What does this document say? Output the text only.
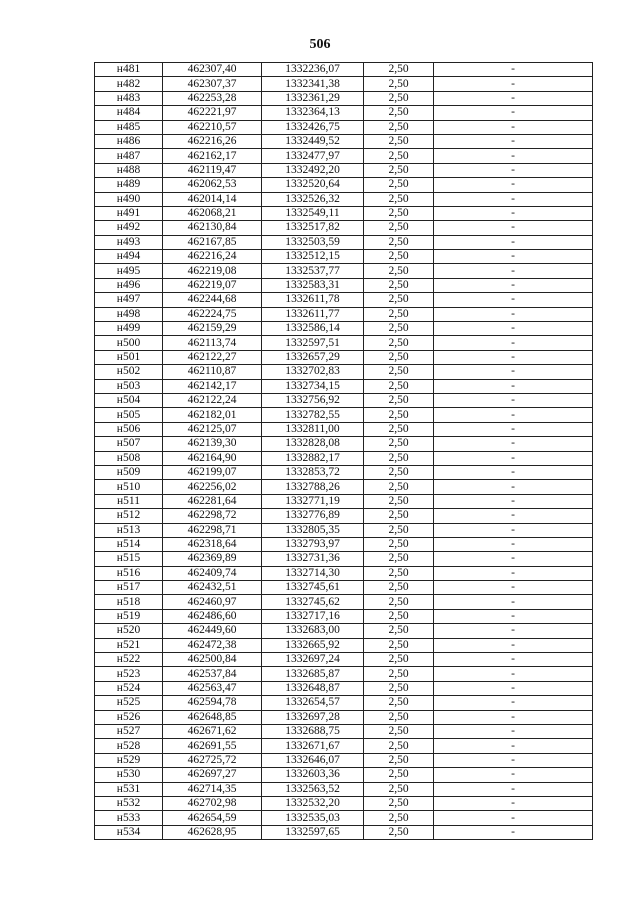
506
н481	462307,40	1332236,07	2,50	-
н482	462307,37	1332341,38	2,50	-
н483	462253,28	1332361,29	2,50	-
н484	462221,97	1332364,13	2,50	-
н485	462210,57	1332426,75	2,50	-
н486	462216,26	1332449,52	2,50	-
н487	462162,17	1332477,97	2,50	-
н488	462119,47	1332492,20	2,50	-
н489	462062,53	1332520,64	2,50	-
н490	462014,14	1332526,32	2,50	-
н491	462068,21	1332549,11	2,50	-
н492	462130,84	1332517,82	2,50	-
н493	462167,85	1332503,59	2,50	-
н494	462216,24	1332512,15	2,50	-
н495	462219,08	1332537,77	2,50	-
н496	462219,07	1332583,31	2,50	-
н497	462244,68	1332611,78	2,50	-
н498	462224,75	1332611,77	2,50	-
н499	462159,29	1332586,14	2,50	-
н500	462113,74	1332597,51	2,50	-
н501	462122,27	1332657,29	2,50	-
н502	462110,87	1332702,83	2,50	-
н503	462142,17	1332734,15	2,50	-
н504	462122,24	1332756,92	2,50	-
н505	462182,01	1332782,55	2,50	-
н506	462125,07	1332811,00	2,50	-
н507	462139,30	1332828,08	2,50	-
н508	462164,90	1332882,17	2,50	-
н509	462199,07	1332853,72	2,50	-
н510	462256,02	1332788,26	2,50	-
н511	462281,64	1332771,19	2,50	-
н512	462298,72	1332776,89	2,50	-
н513	462298,71	1332805,35	2,50	-
н514	462318,64	1332793,97	2,50	-
н515	462369,89	1332731,36	2,50	-
н516	462409,74	1332714,30	2,50	-
н517	462432,51	1332745,61	2,50	-
н518	462460,97	1332745,62	2,50	-
н519	462486,60	1332717,16	2,50	-
н520	462449,60	1332683,00	2,50	-
н521	462472,38	1332665,92	2,50	-
н522	462500,84	1332697,24	2,50	-
н523	462537,84	1332685,87	2,50	-
н524	462563,47	1332648,87	2,50	-
н525	462594,78	1332654,57	2,50	-
н526	462648,85	1332697,28	2,50	-
н527	462671,62	1332688,75	2,50	-
н528	462691,55	1332671,67	2,50	-
н529	462725,72	1332646,07	2,50	-
н530	462697,27	1332603,36	2,50	-
н531	462714,35	1332563,52	2,50	-
н532	462702,98	1332532,20	2,50	-
н533	462654,59	1332535,03	2,50	-
н534	462628,95	1332597,65	2,50	-
